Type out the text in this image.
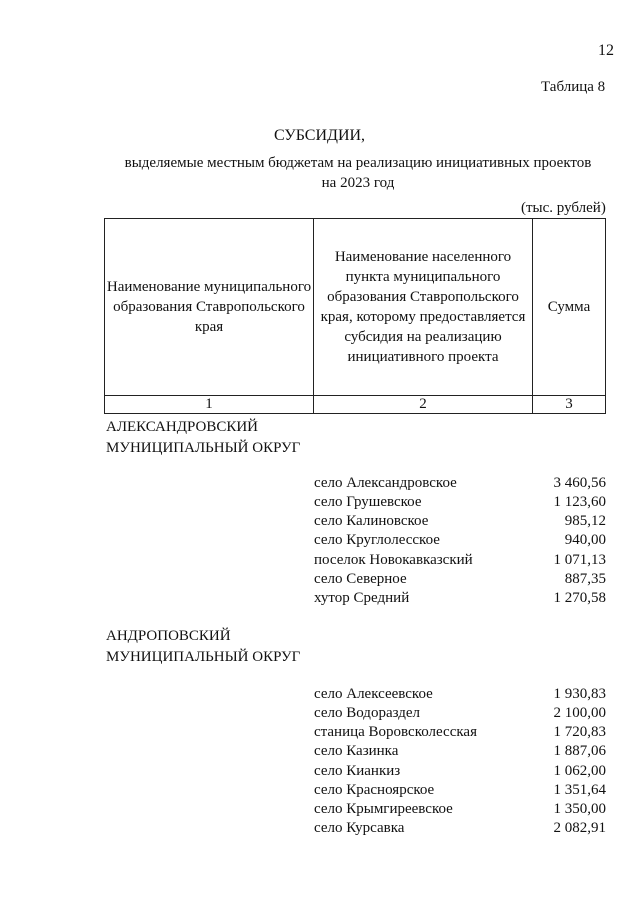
12
Таблица 8
СУБСИДИИ,
выделяемые местным бюджетам на реализацию инициативных проектов
на 2023 год
(тыс. рублей)
Наименование муниципального образования Ставропольского края	Наименование населенного пункта муниципального образования Ставропольского края, которому предоставляется субсидия на реализацию инициативного проекта	Сумма
1	2	3
АЛЕКСАНДРОВСКИЙ
МУНИЦИПАЛЬНЫЙ ОКРУГ
село Александровское	3 460,56
село Грушевское	1 123,60
село Калиновское	985,12
село Круглолесское	940,00
поселок Новокавказский	1 071,13
село Северное	887,35
хутор Средний	1 270,58
АНДРОПОВСКИЙ
МУНИЦИПАЛЬНЫЙ ОКРУГ
село Алексеевское	1 930,83
село Водораздел	2 100,00
станица Воровсколесская	1 720,83
село Казинка	1 887,06
село Кианкиз	1 062,00
село Красноярское	1 351,64
село Крымгиреевское	1 350,00
село Курсавка	2 082,91
